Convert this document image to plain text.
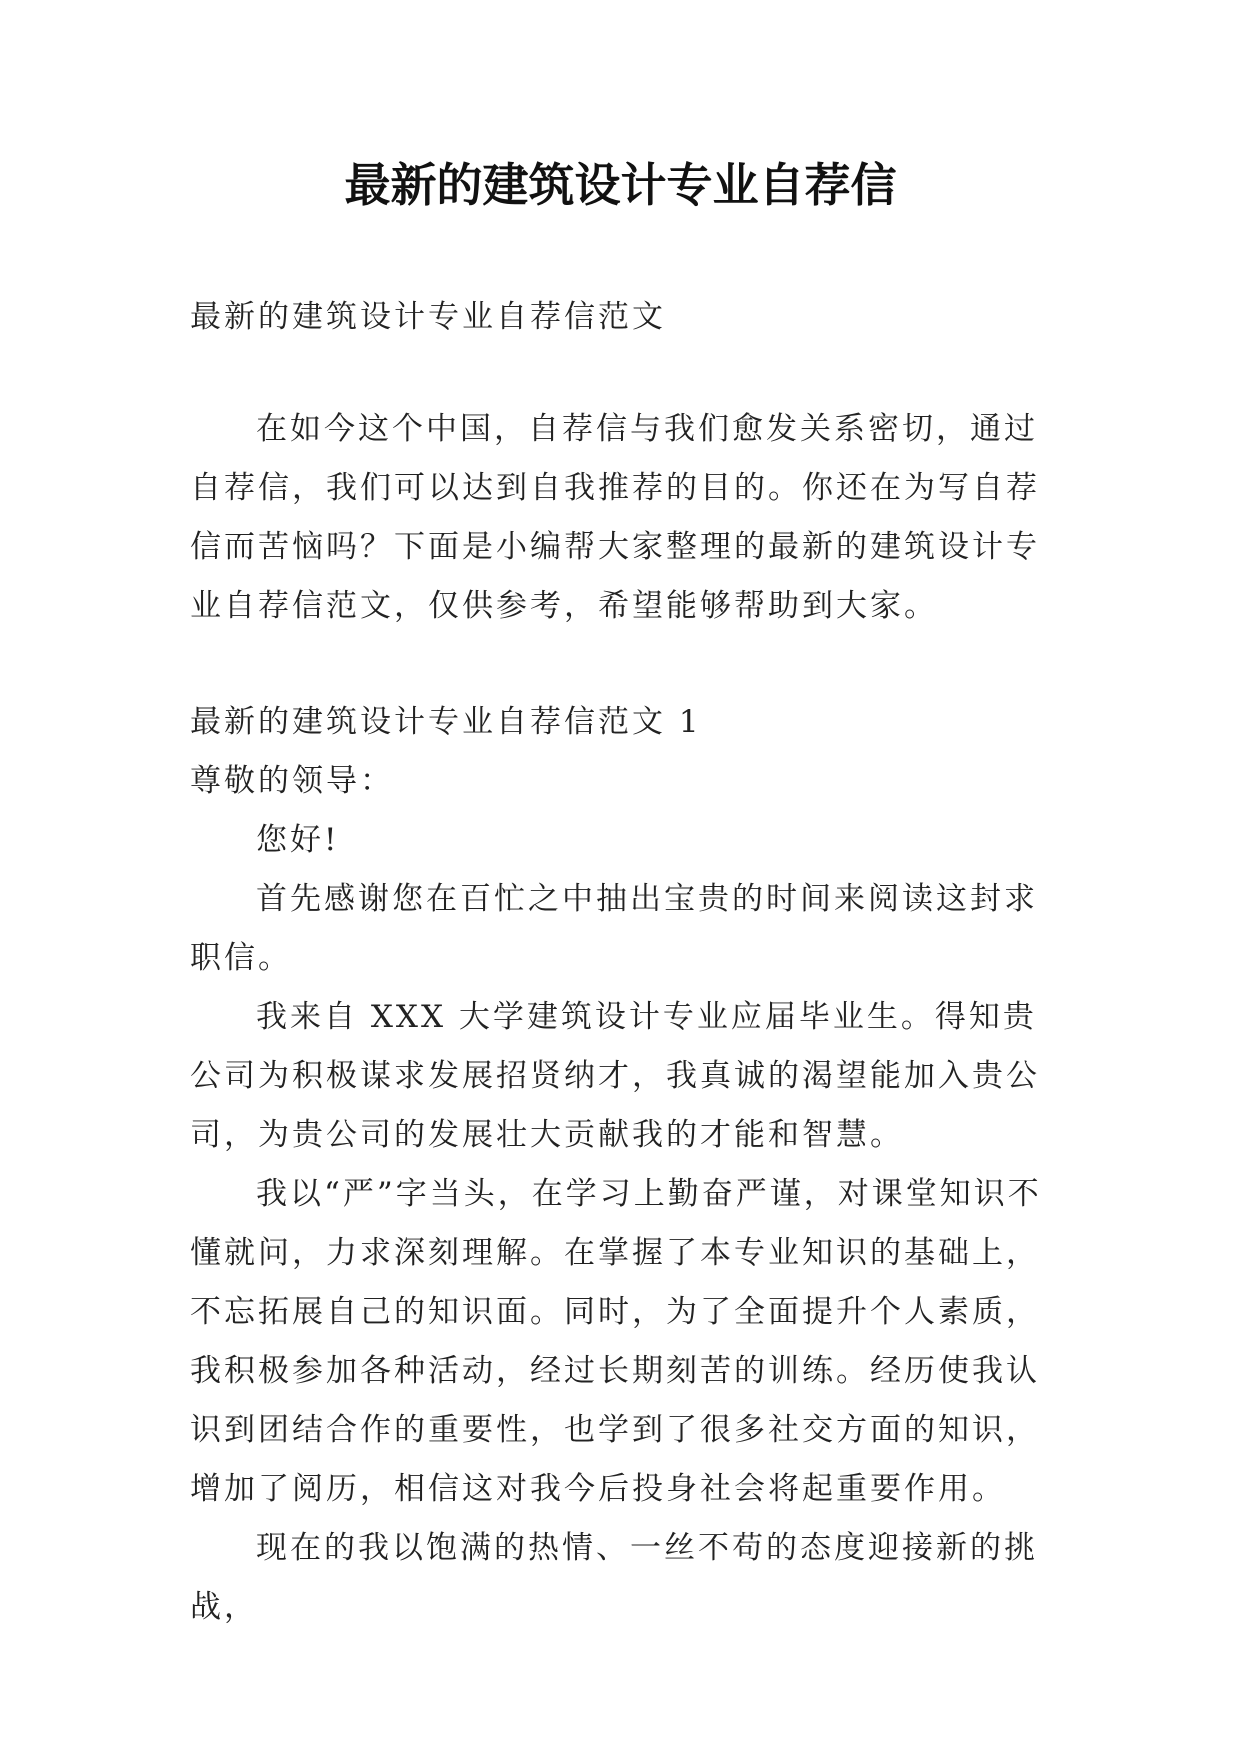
最新的建筑设计专业自荐信

最新的建筑设计专业自荐信范文

在如今这个中国，自荐信与我们愈发关系密切，通过自荐信，我们可以达到自我推荐的目的。你还在为写自荐信而苦恼吗？下面是小编帮大家整理的最新的建筑设计专业自荐信范文，仅供参考，希望能够帮助到大家。

最新的建筑设计专业自荐信范文 1

尊敬的领导：

您好!

首先感谢您在百忙之中抽出宝贵的时间来阅读这封求职信。

我来自 XXX 大学建筑设计专业应届毕业生。得知贵公司为积极谋求发展招贤纳才，我真诚的渴望能加入贵公司，为贵公司的发展壮大贡献我的才能和智慧。

我以“严”字当头，在学习上勤奋严谨，对课堂知识不懂就问，力求深刻理解。在掌握了本专业知识的基础上，不忘拓展自己的知识面。同时，为了全面提升个人素质，我积极参加各种活动，经过长期刻苦的训练。经历使我认识到团结合作的重要性，也学到了很多社交方面的知识，增加了阅历，相信这对我今后投身社会将起重要作用。

现在的我以饱满的热情、一丝不苟的态度迎接新的挑战，
